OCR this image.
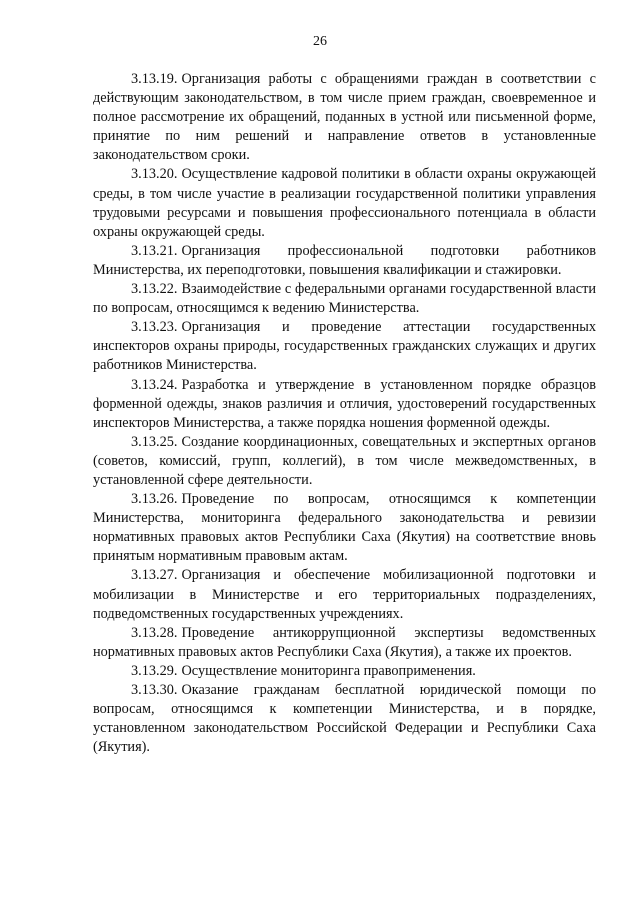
26

3.13.19. Организация работы с обращениями граждан в соответствии с действующим законодательством, в том числе прием граждан, своевременное и полное рассмотрение их обращений, поданных в устной или письменной форме, принятие по ним решений и направление ответов в установленные законодательством сроки.

3.13.20. Осуществление кадровой политики в области охраны окружающей среды, в том числе участие в реализации государственной политики управления трудовыми ресурсами и повышения профессионального потенциала в области охраны окружающей среды.

3.13.21. Организация профессиональной подготовки работников Министерства, их переподготовки, повышения квалификации и стажировки.

3.13.22. Взаимодействие с федеральными органами государственной власти по вопросам, относящимся к ведению Министерства.

3.13.23. Организация и проведение аттестации государственных инспекторов охраны природы, государственных гражданских служащих и других работников Министерства.

3.13.24. Разработка и утверждение в установленном порядке образцов форменной одежды, знаков различия и отличия, удостоверений государственных инспекторов Министерства, а также порядка ношения форменной одежды.

3.13.25. Создание координационных, совещательных и экспертных органов (советов, комиссий, групп, коллегий), в том числе межведомственных, в установленной сфере деятельности.

3.13.26. Проведение по вопросам, относящимся к компетенции Министерства, мониторинга федерального законодательства и ревизии нормативных правовых актов Республики Саха (Якутия) на соответствие вновь принятым нормативным правовым актам.

3.13.27. Организация и обеспечение мобилизационной подготовки и мобилизации в Министерстве и его территориальных подразделениях, подведомственных государственных учреждениях.

3.13.28. Проведение антикоррупционной экспертизы ведомственных нормативных правовых актов Республики Саха (Якутия), а также их проектов.

3.13.29. Осуществление мониторинга правоприменения.

3.13.30. Оказание гражданам бесплатной юридической помощи по вопросам, относящимся к компетенции Министерства, и в порядке, установленном законодательством Российской Федерации и Республики Саха (Якутия).
